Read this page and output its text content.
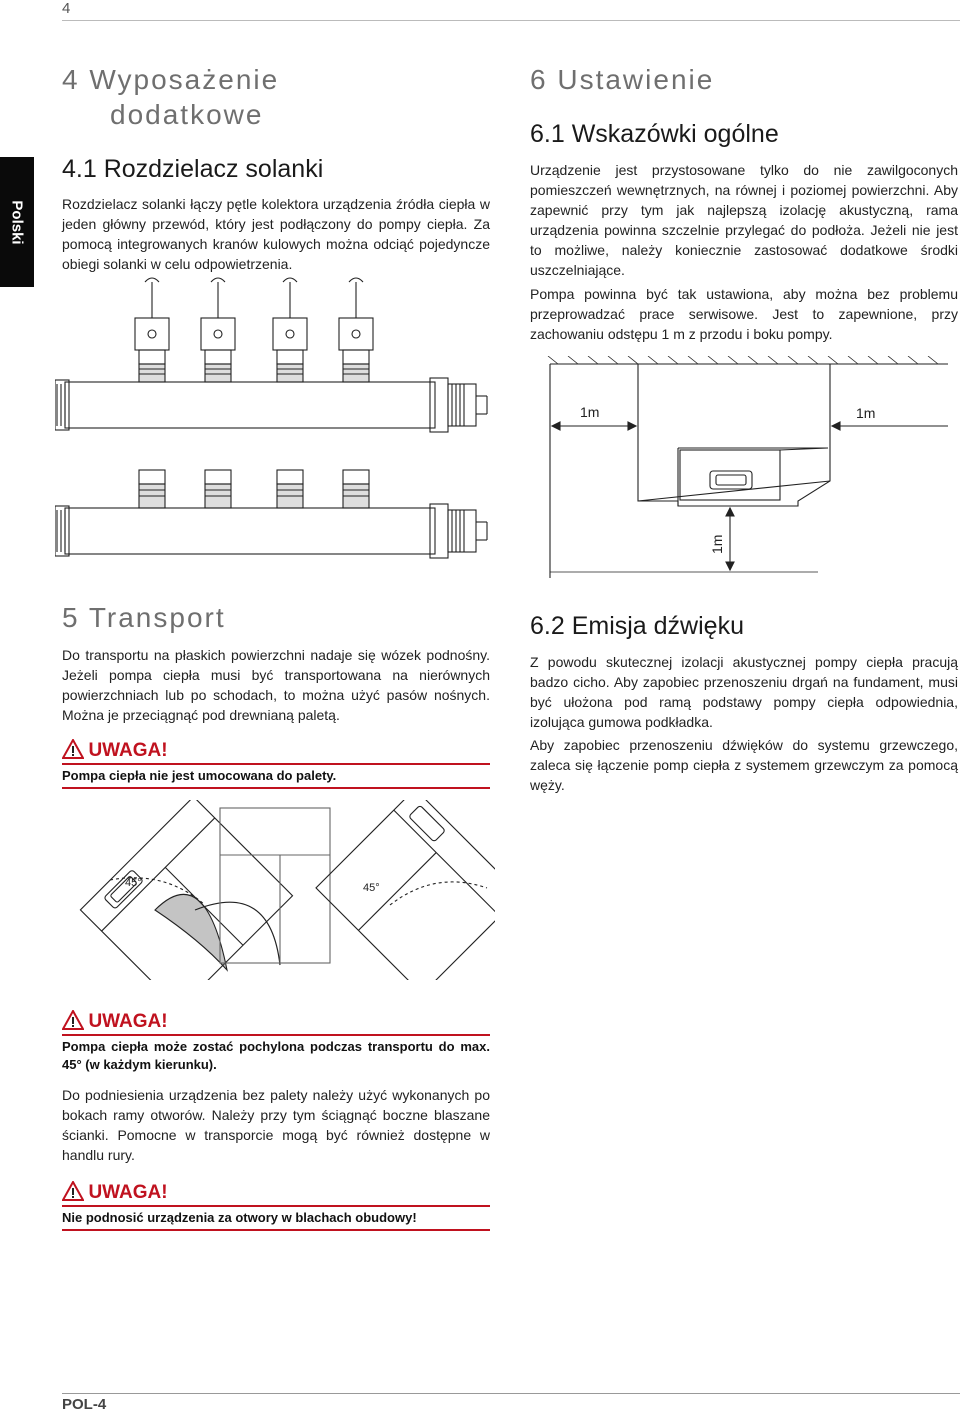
4
Polski
4 Wyposażenie
dodatkowe
4.1 Rozdzielacz solanki

Rozdzielacz solanki łączy pętle kolektora urządzenia źródła ciepła w jeden główny przewód, który jest podłączony do pompy ciepła. Za pomocą integrowanych kranów kulowych można odciąć pojedyncze obiegi solanki w celu odpowietrzenia.

6 Ustawienie
6.1 Wskazówki ogólne

Urządzenie jest przystosowane tylko do nie zawilgoconych pomieszczeń wewnętrznych, na równej i poziomej powierzchni. Aby zapewnić przy tym jak najlepszą izolację akustyczną, rama urządzenia powinna szczelnie przylegać do podłoża. Jeżeli nie jest to możliwe, należy koniecznie zastosować dodatkowe środki uszczelniające.

Pompa powinna być tak ustawiona, aby można bez problemu przeprowadzać prace serwisowe. Jest to zapewnione, przy zachowaniu odstępu 1 m z przodu i boku pompy.

1m	1m
1m
5 Transport

Do transportu na płaskich powierzchni nadaje się wózek podnośny. Jeżeli pompa ciepła musi być transportowana na nierównych powierzchniach lub po schodach, to można użyć pasów nośnych. Można je przeciągnąć pod drewnianą paletą.

UWAGA!
Pompa ciepła nie jest umocowana do palety.
45°	45°
UWAGA!
Pompa ciepła może zostać pochylona podczas transportu do max. 45° (w każdym kierunku).

Do podniesienia urządzenia bez palety należy użyć wykonanych po bokach ramy otworów. Należy przy tym ściągnąć boczne blaszane ścianki. Pomocne w transporcie mogą być również dostępne w handlu rury.

UWAGA!
Nie podnosić urządzenia za otwory w blachach obudowy!
6.2 Emisja dźwięku

Z powodu skutecznej izolacji akustycznej pompy ciepła pracują badzo cicho. Aby zapobiec przenoszeniu drgań na fundament, musi być ułożona pod ramą podstawy pompy ciepła odpowiednia, izolująca gumowa podkładka.

Aby zapobiec przenoszeniu dźwięków do systemu grzewczego, zaleca się łączenie pomp ciepła z systemem grzewczym za pomocą węży.

POL-4
